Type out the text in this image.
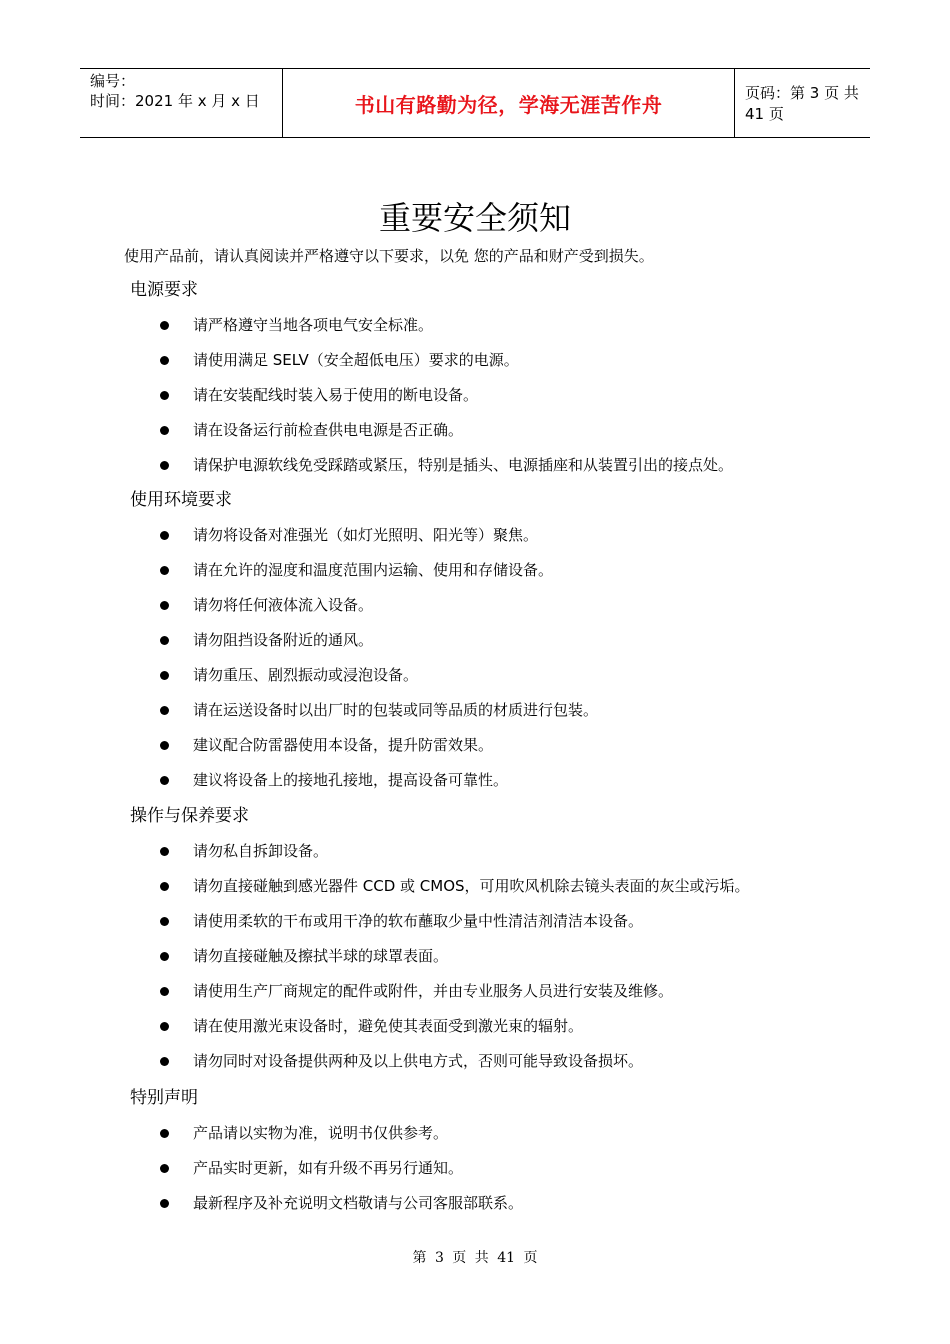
编号：
时间：2021 年 x 月 x 日	书山有路勤为径，学海无涯苦作舟	页码：第 3 页 共 41 页
重要安全须知
使用产品前，请认真阅读并严格遵守以下要求，以免 您的产品和财产受到损失。
电源要求
请严格遵守当地各项电气安全标准。
请使用满足 SELV（安全超低电压）要求的电源。
请在安装配线时装入易于使用的断电设备。
请在设备运行前检查供电电源是否正确。
请保护电源软线免受踩踏或紧压，特别是插头、电源插座和从装置引出的接点处。
使用环境要求
请勿将设备对准强光（如灯光照明、阳光等）聚焦。
请在允许的湿度和温度范围内运输、使用和存储设备。
请勿将任何液体流入设备。
请勿阻挡设备附近的通风。
请勿重压、剧烈振动或浸泡设备。
请在运送设备时以出厂时的包装或同等品质的材质进行包装。
建议配合防雷器使用本设备，提升防雷效果。
建议将设备上的接地孔接地，提高设备可靠性。
操作与保养要求
请勿私自拆卸设备。
请勿直接碰触到感光器件 CCD 或 CMOS，可用吹风机除去镜头表面的灰尘或污垢。
请使用柔软的干布或用干净的软布蘸取少量中性清洁剂清洁本设备。
请勿直接碰触及擦拭半球的球罩表面。
请使用生产厂商规定的配件或附件，并由专业服务人员进行安装及维修。
请在使用激光束设备时，避免使其表面受到激光束的辐射。
请勿同时对设备提供两种及以上供电方式，否则可能导致设备损坏。
特别声明
产品请以实物为准，说明书仅供参考。
产品实时更新，如有升级不再另行通知。
最新程序及补充说明文档敬请与公司客服部联系。
第 3 页 共 41 页
